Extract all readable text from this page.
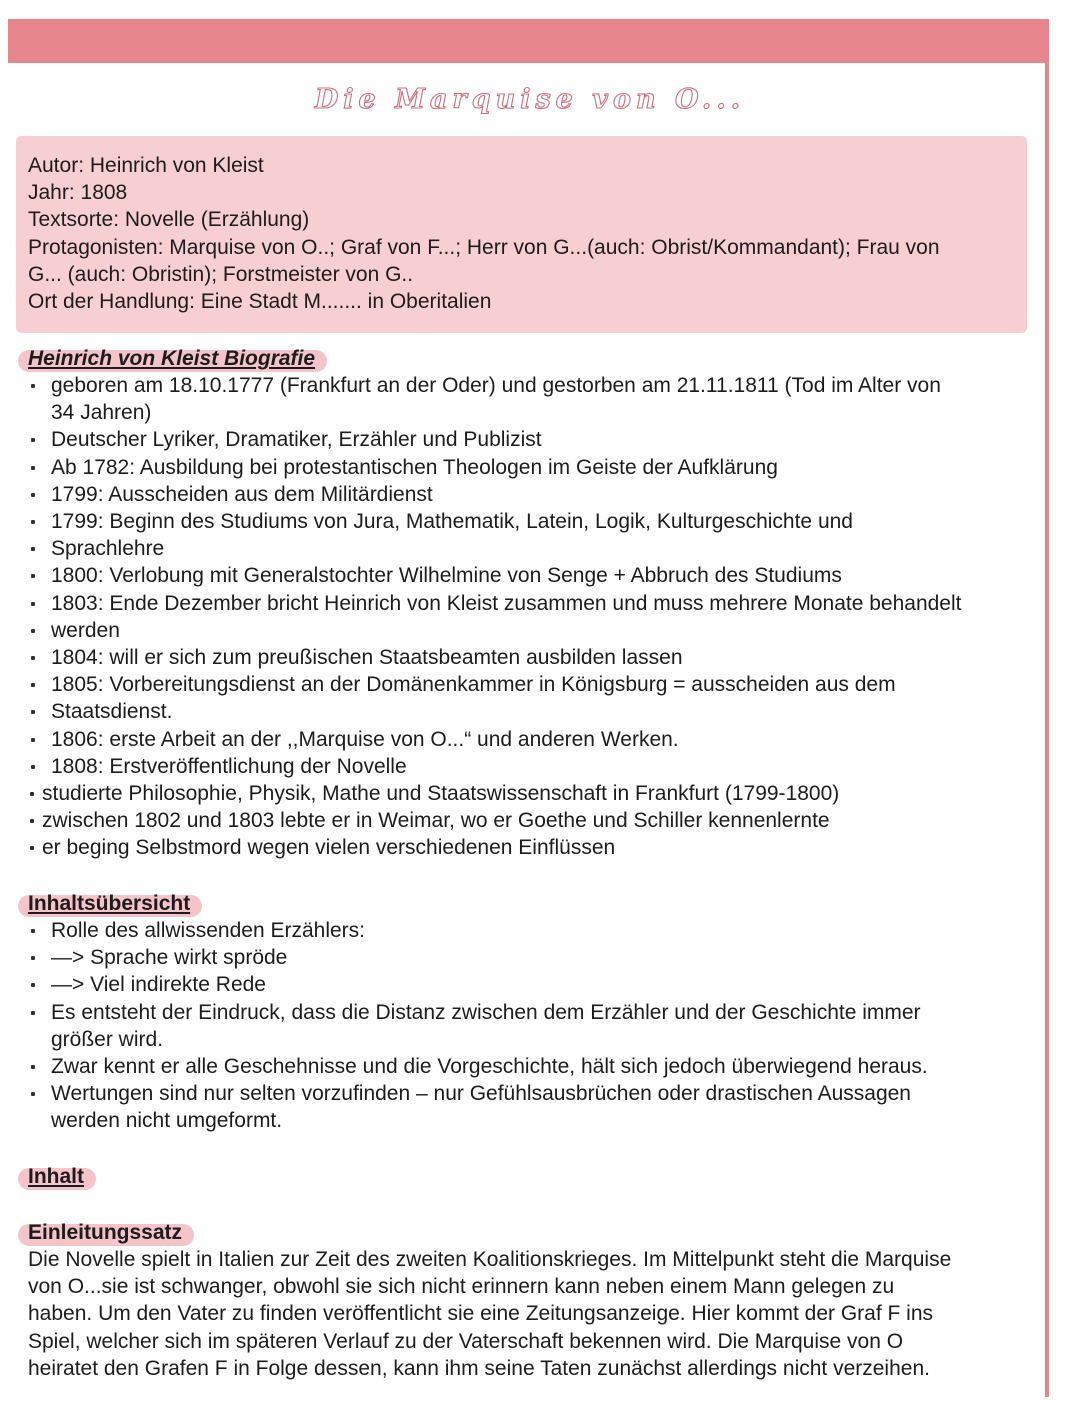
Die Marquise von O...
Autor: Heinrich von Kleist
Jahr: 1808
Textsorte: Novelle (Erzählung)
Protagonisten: Marquise von O..; Graf von F...; Herr von G...(auch: Obrist/Kommandant); Frau von
G... (auch: Obristin); Forstmeister von G..
Ort der Handlung: Eine Stadt M....... in Oberitalien
Heinrich von Kleist Biografie
geboren am 18.10.1777 (Frankfurt an der Oder) und gestorben am 21.11.1811 (Tod im Alter von
34 Jahren)
Deutscher Lyriker, Dramatiker, Erzähler und Publizist
Ab 1782: Ausbildung bei protestantischen Theologen im Geiste der Aufklärung
1799: Ausscheiden aus dem Militärdienst
1799: Beginn des Studiums von Jura, Mathematik, Latein, Logik, Kulturgeschichte und
Sprachlehre
1800: Verlobung mit Generalstochter Wilhelmine von Senge + Abbruch des Studiums
1803: Ende Dezember bricht Heinrich von Kleist zusammen und muss mehrere Monate behandelt
werden
1804: will er sich zum preußischen Staatsbeamten ausbilden lassen
1805: Vorbereitungsdienst an der Domänenkammer in Königsburg = ausscheiden aus dem
Staatsdienst.
1806: erste Arbeit an der ,,Marquise von O...“ und anderen Werken.
1808: Erstveröffentlichung der Novelle
studierte Philosophie, Physik, Mathe und Staatswissenschaft in Frankfurt (1799-1800)
zwischen 1802 und 1803 lebte er in Weimar, wo er Goethe und Schiller kennenlernte
er beging Selbstmord wegen vielen verschiedenen Einflüssen
Inhaltsübersicht
Rolle des allwissenden Erzählers:
—> Sprache wirkt spröde
—> Viel indirekte Rede
Es entsteht der Eindruck, dass die Distanz zwischen dem Erzähler und der Geschichte immer
größer wird.
Zwar kennt er alle Geschehnisse und die Vorgeschichte, hält sich jedoch überwiegend heraus.
Wertungen sind nur selten vorzufinden – nur Gefühlsausbrüchen oder drastischen Aussagen
werden nicht umgeformt.
Inhalt
Einleitungssatz
Die Novelle spielt in Italien zur Zeit des zweiten Koalitionskrieges. Im Mittelpunkt steht die Marquise
von O...sie ist schwanger, obwohl sie sich nicht erinnern kann neben einem Mann gelegen zu
haben. Um den Vater zu finden veröffentlicht sie eine Zeitungsanzeige. Hier kommt der Graf F ins
Spiel, welcher sich im späteren Verlauf zu der Vaterschaft bekennen wird. Die Marquise von O
heiratet den Grafen F in Folge dessen, kann ihm seine Taten zunächst allerdings nicht verzeihen.
